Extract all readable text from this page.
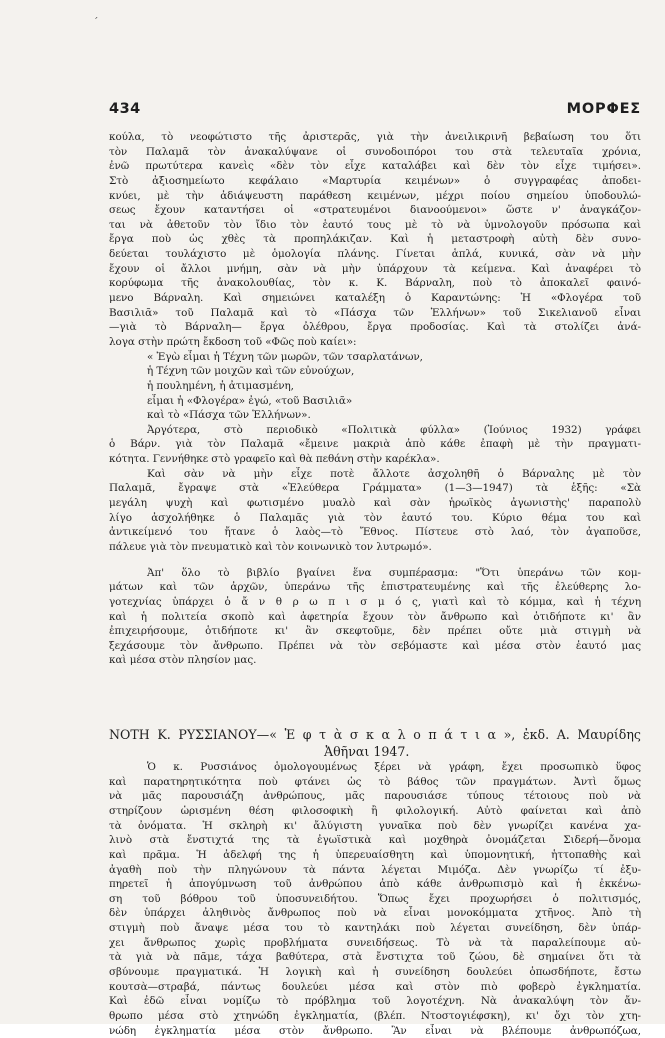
ˊ
434	ΜΟΡΦΕΣ
κούλα, τὸ νεοφώτιστο τῆς ἀριστερᾶς, γιὰ τὴν ἀνειλικρινῆ βεβαίωση του ὅτι
τὸν Παλαμᾶ τὸν ἀνακαλύψανε οἱ συνοδοιπόροι του στὰ τελευταῖα χρόνια,
ἐνῶ πρωτύτερα κανεὶς «δὲν τὸν εἶχε καταλάβει καὶ δὲν τὸν εἶχε τιμήσει».
Στὸ ἀξιοσημείωτο κεφάλαιο «Μαρτυρία κειμένων» ὁ συγγραφέας ἀποδει-
κνύει, μὲ τὴν ἀδιάψευστη παράθεση κειμένων, μέχρι ποίου σημείου ὑποδουλώ-
σεως ἔχουν καταντήσει οἱ «στρατευμένοι διανοούμενοι» ὥστε ν' ἀναγκάζον-
ται νὰ ἀθετοῦν τὸν ἴδιο τὸν ἑαυτό τους μὲ τὸ νὰ ὑμνολογοῦν πρόσωπα καὶ
ἔργα ποὺ ὡς χθὲς τὰ προπηλάκιζαν. Καὶ ἡ μεταστροφὴ αὐτὴ δὲν συνο-
δεύεται τουλάχιστο μὲ ὁμολογία πλάνης. Γίνεται ἁπλά, κυνικά, σὰν νὰ μὴν
ἔχουν οἱ ἄλλοι μνήμη, σὰν νὰ μὴν ὑπάρχουν τὰ κείμενα. Καὶ ἀναφέρει τὸ
κορύφωμα τῆς ἀνακολουθίας, τὸν κ. Κ. Βάρναλη, ποὺ τὸ ἀποκαλεῖ φαινό-
μενο Βάρναλη. Καὶ σημειώνει καταλέξη ὁ Καραντώνης: Ἡ «Φλογέρα τοῦ
Βασιλιᾶ» τοῦ Παλαμᾶ καὶ τὸ «Πάσχα τῶν Ἑλλήνων» τοῦ Σικελιανοῦ εἶναι
—γιὰ τὸ Βάρναλη— ἔργα ὀλέθρου, ἔργα προδοσίας. Καὶ τὰ στολίζει ἀνά-
λογα στὴν πρώτη ἔκδοση τοῦ «Φῶς ποὺ καίει»:
« Ἐγὼ εἶμαι ἡ Τέχνη τῶν μωρῶν, τῶν τσαρλατάνων,
ἡ Τέχνη τῶν μοιχῶν καὶ τῶν εὐνούχων,
ἡ πουλημένη, ἡ ἀτιμασμένη,
εἶμαι ἡ «Φλογέρα» ἐγώ, «τοῦ Βασιλιᾶ»
καὶ τὸ «Πάσχα τῶν Ἑλλήνων».
Ἀργότερα, στὸ περιοδικὸ «Πολιτικὰ φύλλα» (Ἰούνιος 1932) γράφει
ὁ Βάρν. γιὰ τὸν Παλαμᾶ «ἔμεινε μακριὰ ἀπὸ κάθε ἐπαφὴ μὲ τὴν πραγματι-
κότητα. Γεννήθηκε στὸ γραφεῖο καὶ θὰ πεθάνη στὴν καρέκλα».
Καὶ σὰν νὰ μὴν εἶχε ποτὲ ἄλλοτε ἀσχοληθῆ ὁ Βάρναλης μὲ τὸν
Παλαμᾶ, ἔγραψε στὰ «Ἐλεύθερα Γράμματα» (1—3—1947) τὰ ἑξῆς: «Σὰ
μεγάλη ψυχὴ καὶ φωτισμένο μυαλὸ καὶ σὰν ἡρωϊκὸς ἀγωνιστὴς' παραπολὺ
λίγο ἀσχολήθηκε ὁ Παλαμᾶς γιὰ τὸν ἑαυτό του. Κύριο θέμα του καὶ
ἀντικείμενό του ἤτανε ὁ λαὸς—τὸ Ἔθνος. Πίστευε στὸ λαό, τὸν ἀγαποῦσε,
πάλευε γιὰ τὸν πνευματικὸ καὶ τὸν κοινωνικὸ τον λυτρωμό».
Ἀπ' ὅλο τὸ βιβλίο βγαίνει ἕνα συμπέρασμα: "Ὅτι ὑπεράνω τῶν κομ-
μάτων καὶ τῶν ἀρχῶν, ὑπεράνω τῆς ἐπιστρατευμένης καὶ τῆς ἐλεύθερης λο-
γοτεχνίας ὑπάρχει ὁ ἄ ν θ ρ ω π ι σ μ ό ς, γιατὶ καὶ τὸ κόμμα, καὶ ἡ τέχνη
καὶ ἡ πολιτεία σκοπὸ καὶ ἀφετηρία ἔχουν τὸν ἄνθρωπο καὶ ὁτιδήποτε κι' ἂν
ἐπιχειρήσουμε, ὁτιδήποτε κι' ἂν σκεφτοῦμε, δὲν πρέπει οὔτε μιὰ στιγμὴ νὰ
ξεχάσουμε τὸν ἄνθρωπο. Πρέπει νὰ τὸν σεβόμαστε καὶ μέσα στὸν ἑαυτό μας
καὶ μέσα στὸν πλησίον μας.
ΝΟΤΗ Κ. ΡΥΣΣΙΑΝΟΥ—« Ἑ φ τ ὰ σ κ α λ ο π ά τ ι α », ἐκδ. Α. Μαυρίδης
Ἀθῆναι 1947.
Ὁ κ. Ρυσσιάνος ὁμολογουμένως ξέρει νὰ γράφη, ἔχει προσωπικὸ ὕφος
καὶ παρατηρητικότητα ποὺ φτάνει ὡς τὸ βάθος τῶν πραγμάτων. Ἀντὶ ὅμως
νὰ μᾶς παρουσιάζη ἀνθρώπους, μᾶς παρουσιάσε τύπους τέτοιους ποὺ νὰ
στηρίζουν ὡρισμένη θέση φιλοσοφικὴ ἢ φιλολογική. Αὐτὸ φαίνεται καὶ ἀπὸ
τὰ ὀνόματα. Ἡ σκληρὴ κι' ἄλύγιστη γυναῖκα ποὺ δὲν γνωρίζει κανένα χα-
λινὸ στὰ ἔνστιχτά της τὰ ἐγωϊστικὰ καὶ μοχθηρὰ ὀνομάζεται Σιδερή—ὄνομα
καὶ πρᾶμα. Ἡ ἀδελφή της ἡ ὑπερευαίσθητη καὶ ὑπομονητική, ἡττοπαθὴς καὶ
ἀγαθὴ ποὺ τὴν πληγώνουν τὰ πάντα λέγεται Μιμόζα. Δὲν γνωρίζω τί ἐξυ-
πηρετεῖ ἡ ἀπογύμνωση τοῦ ἀνθρώπου ἀπὸ κάθε ἀνθρωπισμὸ καὶ ἡ ἐκκένω-
ση τοῦ βόθρου τοῦ ὑποσυνειδήτου. Ὅπως ἔχει προχωρήσει ὁ πολιτισμός,
δὲν ὑπάρχει ἀληθινὸς ἄνθρωπος ποὺ νὰ εἶναι μονοκόμματα χτῆνος. Ἀπὸ τὴ
στιγμὴ ποὺ ἄναψε μέσα του τὸ καντηλάκι ποὺ λέγεται συνείδηση, δὲν ὑπάρ-
χει ἄνθρωπος χωρὶς προβλήματα συνειδήσεως. Τὸ νὰ τὰ παραλείπουμε αὐ-
τὰ γιὰ νὰ πᾶμε, τάχα βαθύτερα, στὰ ἔνστιχτα τοῦ ζώου, δὲ σημαίνει ὅτι τὰ
σβύνουμε πραγματικά. Ἡ λογικὴ καὶ ἡ συνείδηση δουλεύει ὁπωσδήποτε, ἔστω
κουτσὰ—στραβά, πάντως δουλεύει μέσα καὶ στὸν πιὸ φοβερὸ ἐγκληματία.
Καὶ ἐδῶ εἶναι νομίζω τὸ πρόβλημα τοῦ λογοτέχνη. Νὰ ἀνακαλύψη τὸν ἄν-
θρωπο μέσα στὸ χτηνώδη ἐγκληματία, (βλέπ. Ντοστογιέφσκη), κι' ὄχι τὸν χτη-
νώδη ἐγκληματία μέσα στὸν ἄνθρωπο. Ἂν εἶναι νὰ βλέπουμε ἀνθρωπόζωα,
